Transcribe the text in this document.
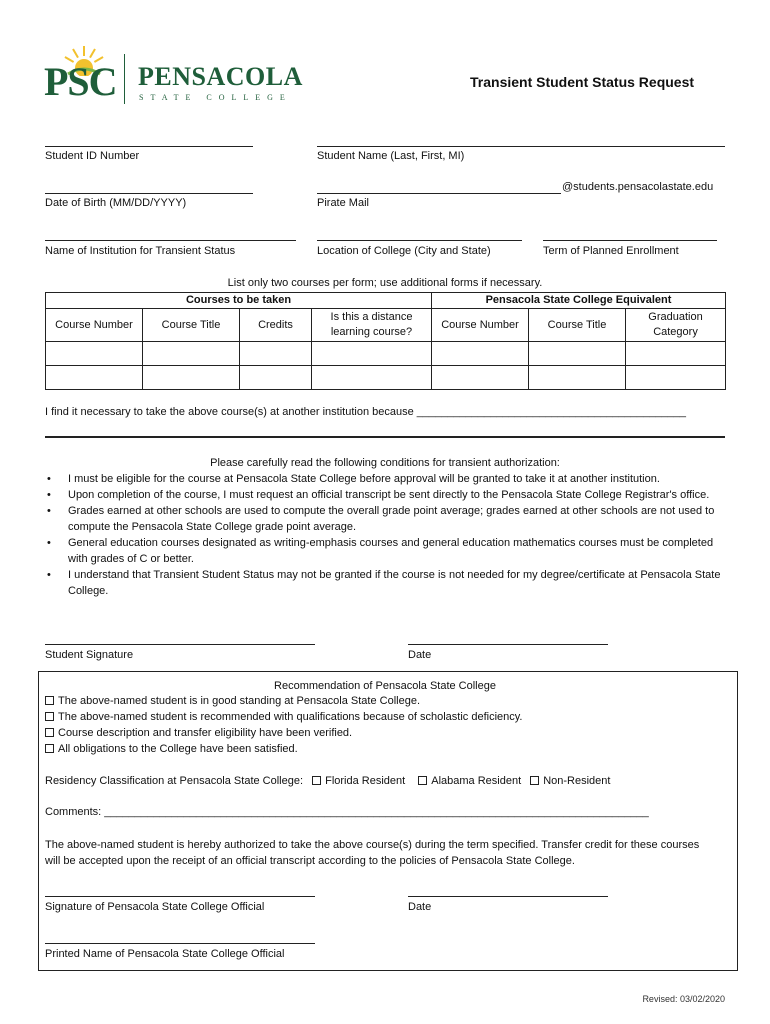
PSC PENSACOLA
STATE COLLEGE
Transient Student Status Request
Student ID Number	Student Name (Last, First, MI)
Date of Birth (MM/DD/YYYY)
@students.pensacolastate.edu
Pirate Mail
Name of Institution for Transient Status	Location of College (City and State)	Term of Planned Enrollment
List only two courses per form; use additional forms if necessary.
Courses to be taken				Pensacola State College Equivalent		
Course Number	Course Title	Credits	Is this a distance learning course?	Course Number	Course Title	Graduation Category

I find it necessary to take the above course(s) at another institution because ____________________________________________
Please carefully read the following conditions for transient authorization:
• I must be eligible for the course at Pensacola State College before approval will be granted to take it at another institution.
• Upon completion of the course, I must request an official transcript be sent directly to the Pensacola State College Registrar's office.
• Grades earned at other schools are used to compute the overall grade point average; grades earned at other schools are not used to compute the Pensacola State College grade point average.
• General education courses designated as writing-emphasis courses and general education mathematics courses must be completed with grades of C or better.
• I understand that Transient Student Status may not be granted if the course is not needed for my degree/certificate at Pensacola State College.
Student Signature	Date
Recommendation of Pensacola State College
The above-named student is in good standing at Pensacola State College.
The above-named student is recommended with qualifications because of scholastic deficiency.
Course description and transfer eligibility have been verified.
All obligations to the College have been satisfied.
Residency Classification at Pensacola State College: Florida Resident Alabama Resident Non-Resident
Comments: _________________________________________________________________________________________
The above-named student is hereby authorized to take the above course(s) during the term specified. Transfer credit for these courses will be accepted upon the receipt of an official transcript according to the policies of Pensacola State College.
Signature of Pensacola State College Official	Date
Printed Name of Pensacola State College Official
Revised: 03/02/2020
